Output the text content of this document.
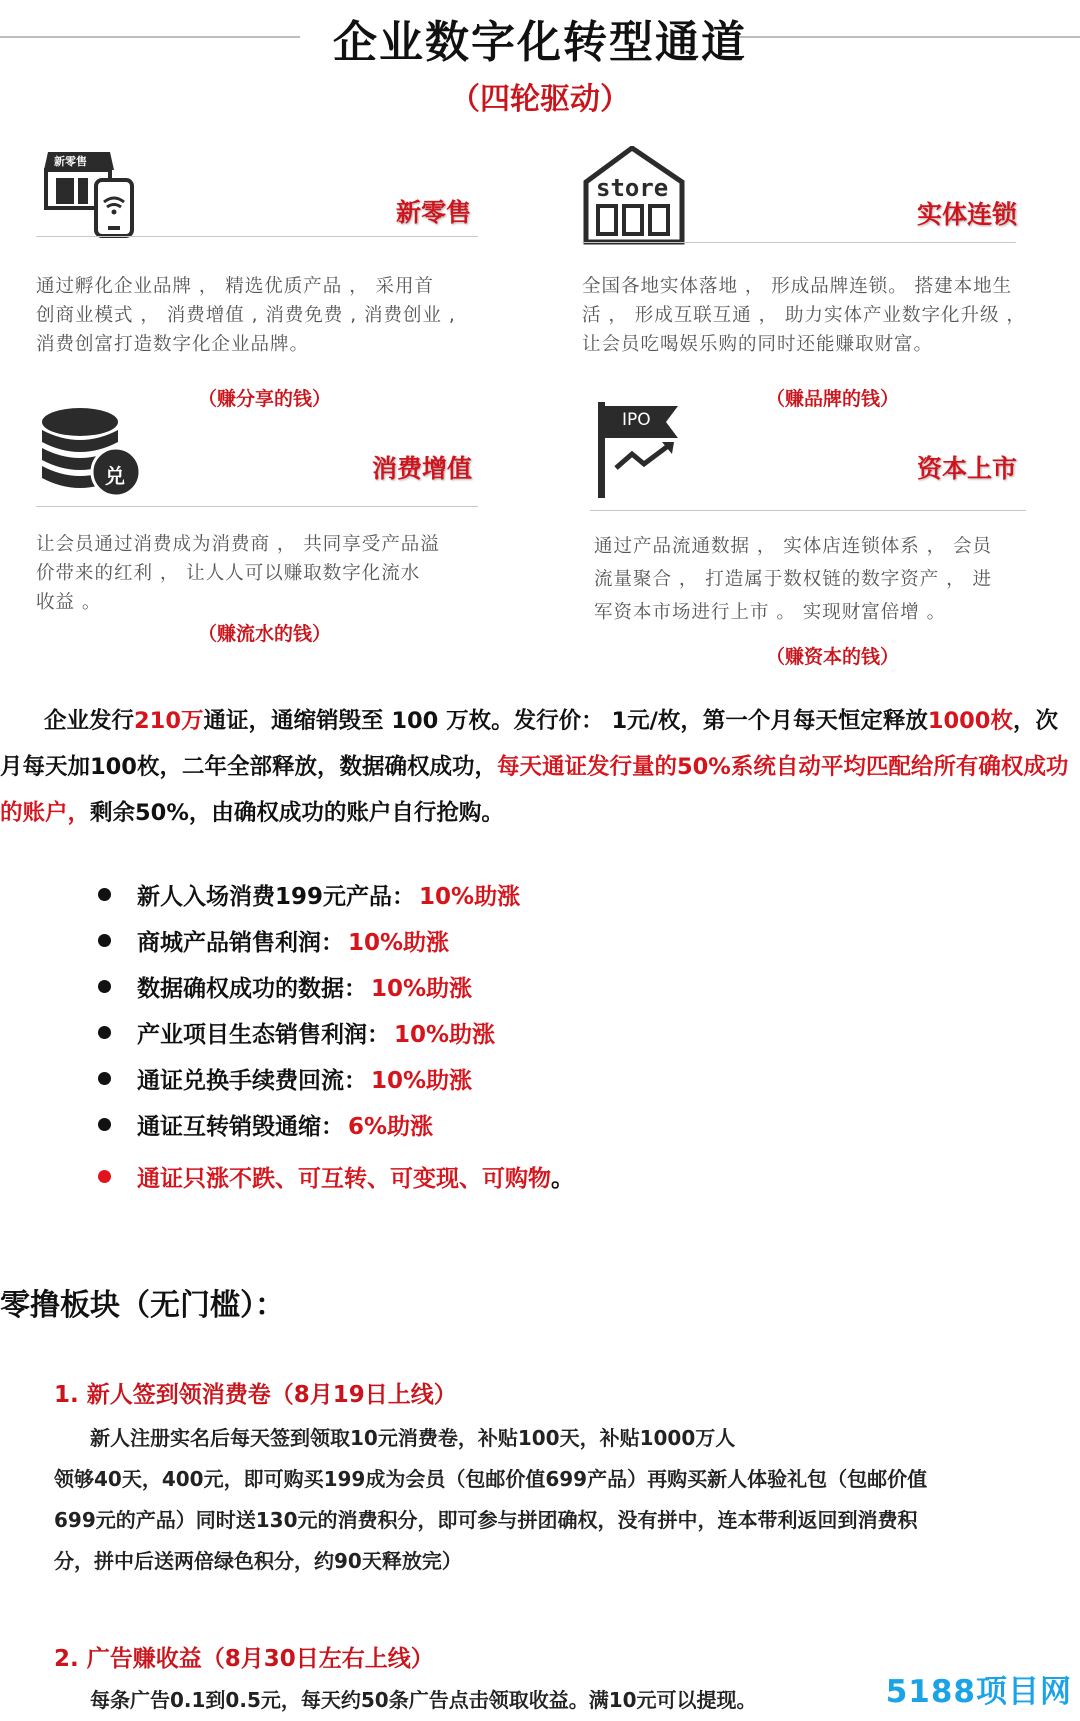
企业数字化转型通道
（四轮驱动）
新零售
新零售
通过孵化企业品牌 ， 精选优质产品 ， 采用首
创商业模式 ， 消费增值 , 消费免费 , 消费创业 ,
消费创富打造数字化企业品牌。
（赚分享的钱）
store
实体连锁
全国各地实体落地 ， 形成品牌连锁。 搭建本地生
活 ， 形成互联互通 ， 助力实体产业数字化升级 ，
让会员吃喝娱乐购的同时还能赚取财富。
（赚品牌的钱）
兑	消费增值
让会员通过消费成为消费商 ， 共同享受产品溢
价带来的红利 ， 让人人可以赚取数字化流水
收益 。
（赚流水的钱）
IPO
资本上市
通过产品流通数据 ， 实体店连锁体系 ， 会员
流量聚合 ， 打造属于数权链的数字资产 ， 进
军资本市场进行上市 。 实现财富倍增 。
（赚资本的钱）
企业发行210万通证，通缩销毁至 100 万枚。发行价： 1元/枚，第一个月每天恒定释放1000枚，次月每天加100枚，二年全部释放，数据确权成功，每天通证发行量的50%系统自动平均匹配给所有确权成功的账户，剩余50%，由确权成功的账户自行抢购。
新人入场消费199元产品： 10%助涨
商城产品销售利润： 10%助涨
数据确权成功的数据： 10%助涨
产业项目生态销售利润： 10%助涨
通证兑换手续费回流： 10%助涨
通证互转销毁通缩： 6%助涨
通证只涨不跌、可互转、可变现、可购物。
零撸板块（无门槛）：
1. 新人签到领消费卷（8月19日上线）
新人注册实名后每天签到领取10元消费卷，补贴100天，补贴1000万人
领够40天，400元，即可购买199成为会员（包邮价值699产品）再购买新人体验礼包（包邮价值
699元的产品）同时送130元的消费积分，即可参与拼团确权，没有拼中，连本带利返回到消费积
分，拼中后送两倍绿色积分，约90天释放完）
2. 广告赚收益（8月30日左右上线）
每条广告0.1到0.5元，每天约50条广告点击领取收益。满10元可以提现。	5188项目网
